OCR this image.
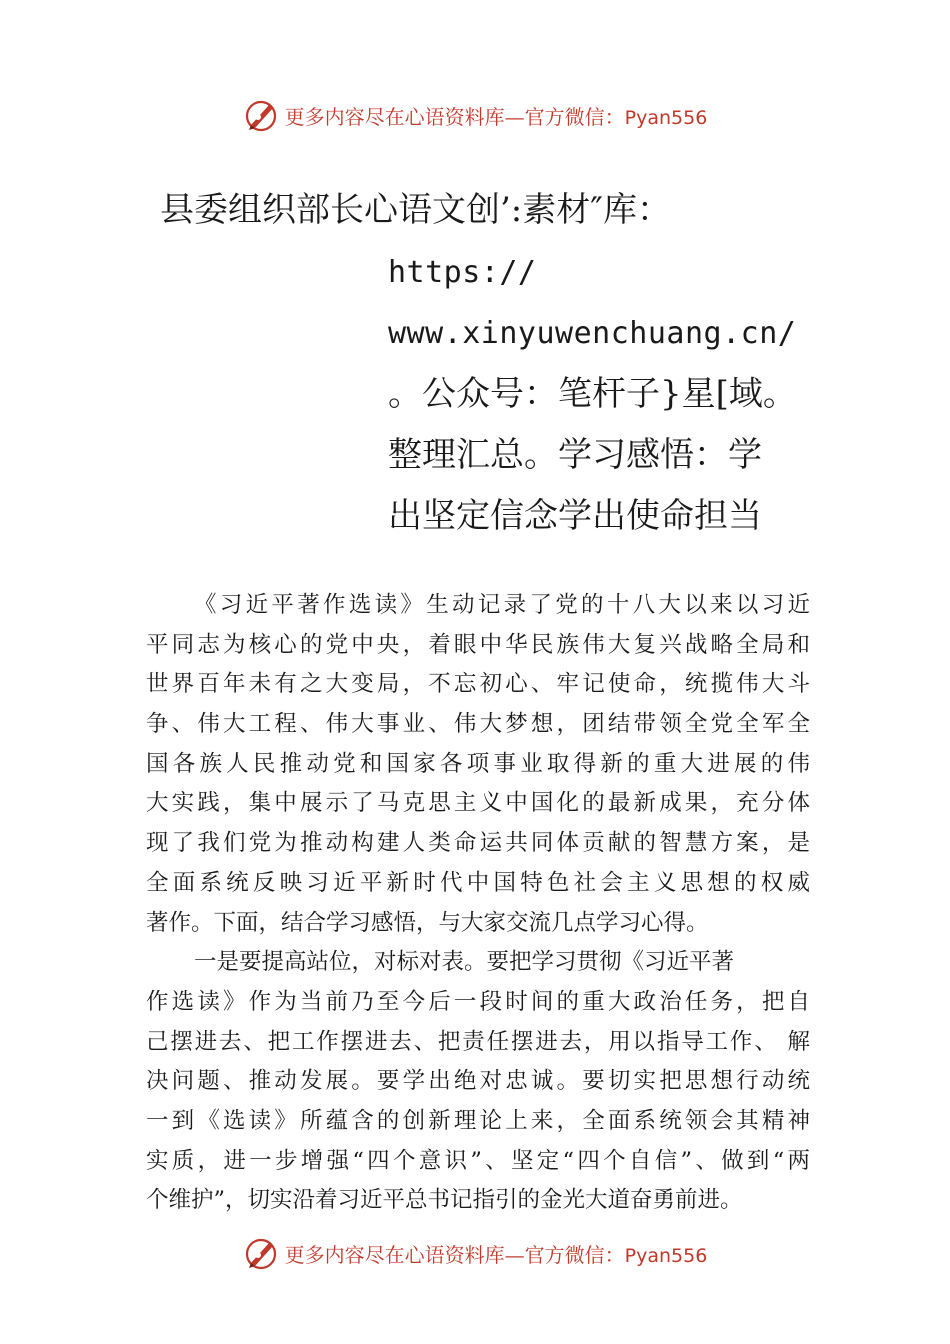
更多内容尽在心语资料库—官方微信：Pyan556
县委组织部长心语文创’:素材″库：
https://
www.xinyuwenchuang.cn/
。公众号：笔杆子}星[域。
整理汇总。学习感悟：学
出坚定信念学出使命担当
《习近平著作选读》生动记录了党的十八大以来以习近
平同志为核心的党中央，着眼中华民族伟大复兴战略全局和
世界百年未有之大变局，不忘初心、牢记使命，统揽伟大斗
争、伟大工程、伟大事业、伟大梦想，团结带领全党全军全
国各族人民推动党和国家各项事业取得新的重大进展的伟
大实践，集中展示了马克思主义中国化的最新成果，充分体
现了我们党为推动构建人类命运共同体贡献的智慧方案，是
全面系统反映习近平新时代中国特色社会主义思想的权威
著作。下面，结合学习感悟，与大家交流几点学习心得。
一是要提高站位，对标对表。要把学习贯彻《习近平著
作选读》作为当前乃至今后一段时间的重大政治任务，把自
己摆进去、把工作摆进去、把责任摆进去，用以指导工作、 解
决问题、推动发展。要学出绝对忠诚。要切实把思想行动统
一到《选读》所蕴含的创新理论上来，全面系统领会其精神
实质，进一步增强“四个意识”、坚定“四个自信”、做到“两
个维护”，切实沿着习近平总书记指引的金光大道奋勇前进。
更多内容尽在心语资料库—官方微信：Pyan556
